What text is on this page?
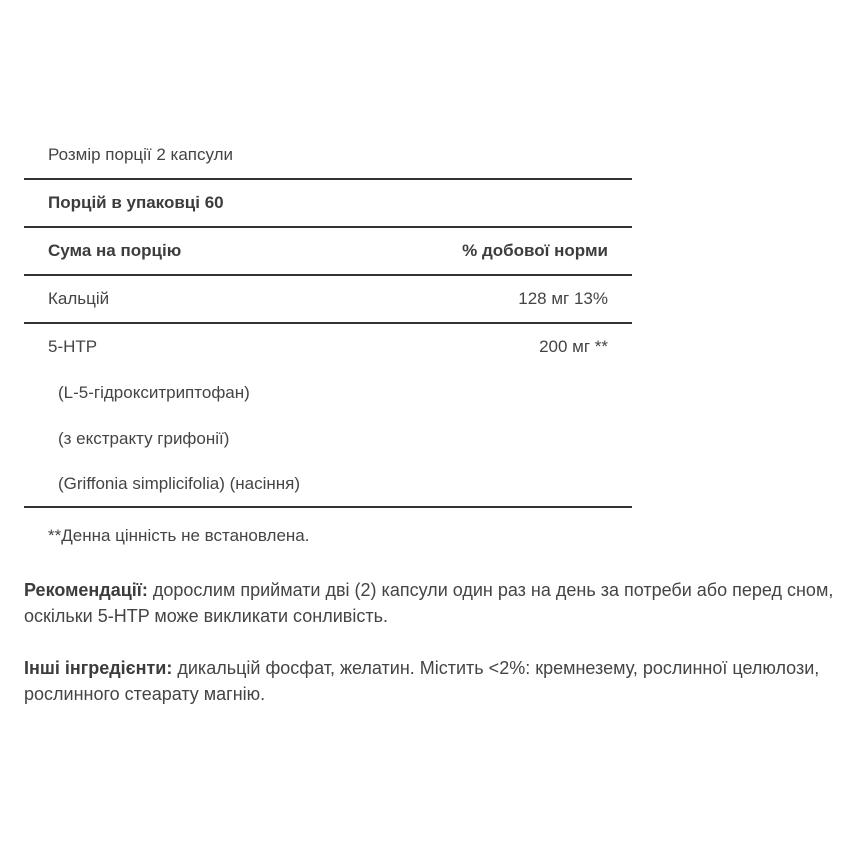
Розмір порції 2 капсули
Порцій в упаковці 60
Сума на порцію	% добової норми
Кальцій	128 мг 13%
5-HTP	200 мг **
(L-5-гідрокситриптофан)
(з екстракту грифонії)
(Griffonia simplicifolia) (насіння)
**Денна цінність не встановлена.
Рекомендації: дорослим приймати дві (2) капсули один раз на день за потреби або перед сном, оскільки 5-HTP може викликати сонливість.
Інші інгредієнти: дикальцій фосфат, желатин. Містить <2%: кремнезему, рослинної целюлози, рослинного стеарату магнію.
